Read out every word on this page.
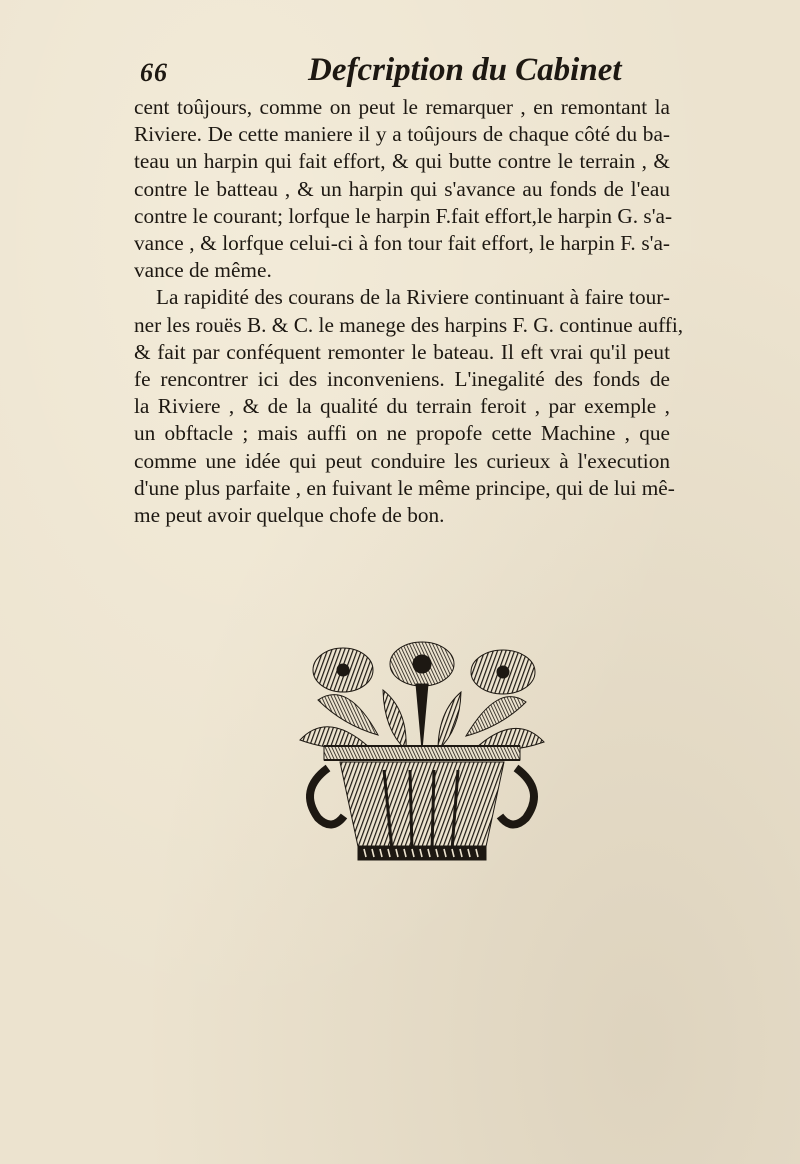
66	Defcription du Cabinet
cent toûjours, comme on peut le remarquer , en remontant la
Riviere. De cette maniere il y a toûjours de chaque côté du ba-
teau un harpin qui fait effort, & qui butte contre le terrain , &
contre le batteau , & un harpin qui s'avance au fonds de l'eau
contre le courant; lorfque le harpin F.fait effort,le harpin G. s'a-
vance , & lorfque celui-ci à fon tour fait effort, le harpin F. s'a-
vance de même.
La rapidité des courans de la Riviere continuant à faire tour-
ner les rouës B. & C. le manege des harpins F. G. continue auffi,
& fait par conféquent remonter le bateau. Il eft vrai qu'il peut
fe rencontrer ici des inconveniens. L'inegalité des fonds de
la Riviere , & de la qualité du terrain feroit , par exemple ,
un obftacle ; mais auffi on ne propofe cette Machine , que
comme une idée qui peut conduire les curieux à l'execution
d'une plus parfaite , en fuivant le même principe, qui de lui mê-
me peut avoir quelque chofe de bon.
